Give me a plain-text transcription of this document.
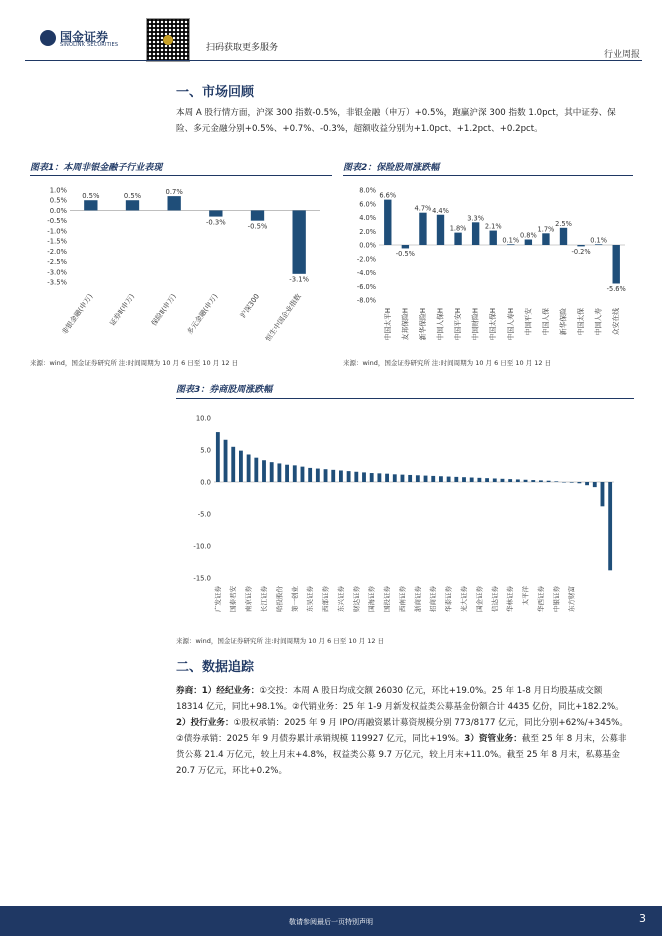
国金证券
SINOLINK SECURITIES	扫码获取更多服务
行业周报
一、市场回顾
本周 A 股行情方面，沪深 300 指数-0.5%，非银金融（申万）+0.5%，跑赢沪深 300 指数 1.0pct，其中证券、保险、多元金融分别+0.5%、+0.7%、-0.3%，超额收益分别为+1.0pct、+1.2pct、+0.2pct。
图表1：本周非银金融子行业表现
1.0%
0.5%
0.0%
-0.5%
-1.0%
-1.5%
-2.0%
-2.5%
-3.0%
-3.5%
0.5%
非银金融(申万)
0.5%
证券Ⅱ(申万)
0.7%
保险Ⅱ(申万)
-0.3%
多元金融(申万)
-0.5%
沪深300
-3.1%
恒生中国企业指数
来源：wind，国金证券研究所 注:时间周期为 10 月 6 日至 10 月 12 日
图表2：保险股周涨跌幅
8.0%
6.0%
4.0%
2.0%
0.0%
-2.0%
-4.0%
-6.0%
-8.0%
6.6%
中国太平H
-0.5%
友邦保险H
4.7%
新华保险H
4.4%
中国人保H
1.8%
中国平安H
3.3%
中国财险H
2.1%
中国太保H
0.1%
中国人寿H
0.8%
中国平安
1.7%
中国人保
2.5%
新华保险
-0.2%
中国太保
0.1%
中国人寿
-5.6%
众安在线
来源：wind，国金证券研究所 注:时间周期为 10 月 6 日至 10 月 12 日
图表3：券商股周涨跌幅
10.0
5.0
0.0
-5.0
-10.0
-15.0
广发证券 国泰君安 南京证券 长江证券 哈投股份 第一创业 东吴证券 西部证券 东兴证券 财达证券 国海证券 国投证券 西南证券 浙商证券 招商证券 华泰证券 光大证券 国金证券 信达证券 华林证券 太平洋 华西证券 中银证券 东方财富
来源：wind，国金证券研究所 注:时间周期为 10 月 6 日至 10 月 12 日
二、数据追踪
券商：1）经纪业务：①交投：本周 A 股日均成交额 26030 亿元，环比+19.0%。25 年 1-8 月日均股基成交额 18314 亿元，同比+98.1%。②代销业务：25 年 1-9 月新发权益类公募基金份额合计 4435 亿份，同比+182.2%。2）投行业务：①股权承销：2025 年 9 月 IPO/再融资累计募资规模分别 773/8177 亿元，同比分别+62%/+345%。②债券承销：2025 年 9 月债券累计承销规模 119927 亿元，同比+19%。3）资管业务：截至 25 年 8 月末，公募非货公募 21.4 万亿元，较上月末+4.8%，权益类公募 9.7 万亿元，较上月末+11.0%。截至 25 年 8 月末，私募基金 20.7 万亿元，环比+0.2%。
敬请参阅最后一页特别声明	3
